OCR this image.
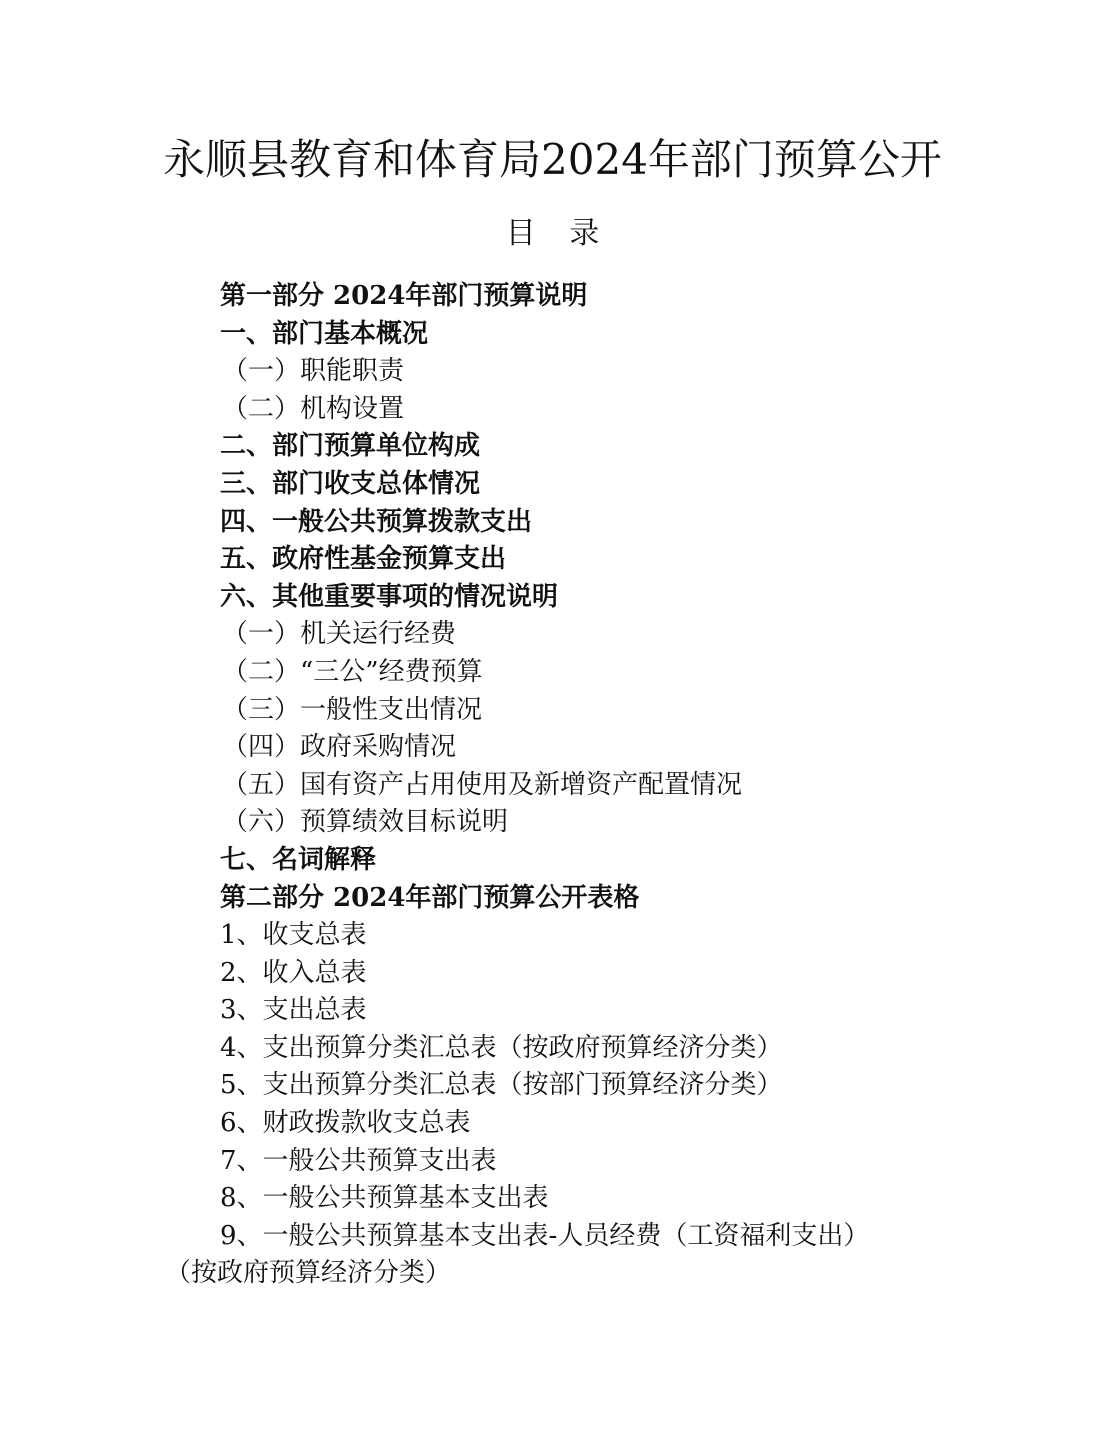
永顺县教育和体育局2024年部门预算公开
目 录
第一部分 2024年部门预算说明
一、部门基本概况
（一）职能职责
（二）机构设置
二、部门预算单位构成
三、部门收支总体情况
四、一般公共预算拨款支出
五、政府性基金预算支出
六、其他重要事项的情况说明
（一）机关运行经费
（二）“三公”经费预算
（三）一般性支出情况
（四）政府采购情况
（五）国有资产占用使用及新增资产配置情况
（六）预算绩效目标说明
七、名词解释
第二部分 2024年部门预算公开表格
1、收支总表
2、收入总表
3、支出总表
4、支出预算分类汇总表（按政府预算经济分类）
5、支出预算分类汇总表（按部门预算经济分类）
6、财政拨款收支总表
7、一般公共预算支出表
8、一般公共预算基本支出表
9、一般公共预算基本支出表-人员经费（工资福利支出）
（按政府预算经济分类）
